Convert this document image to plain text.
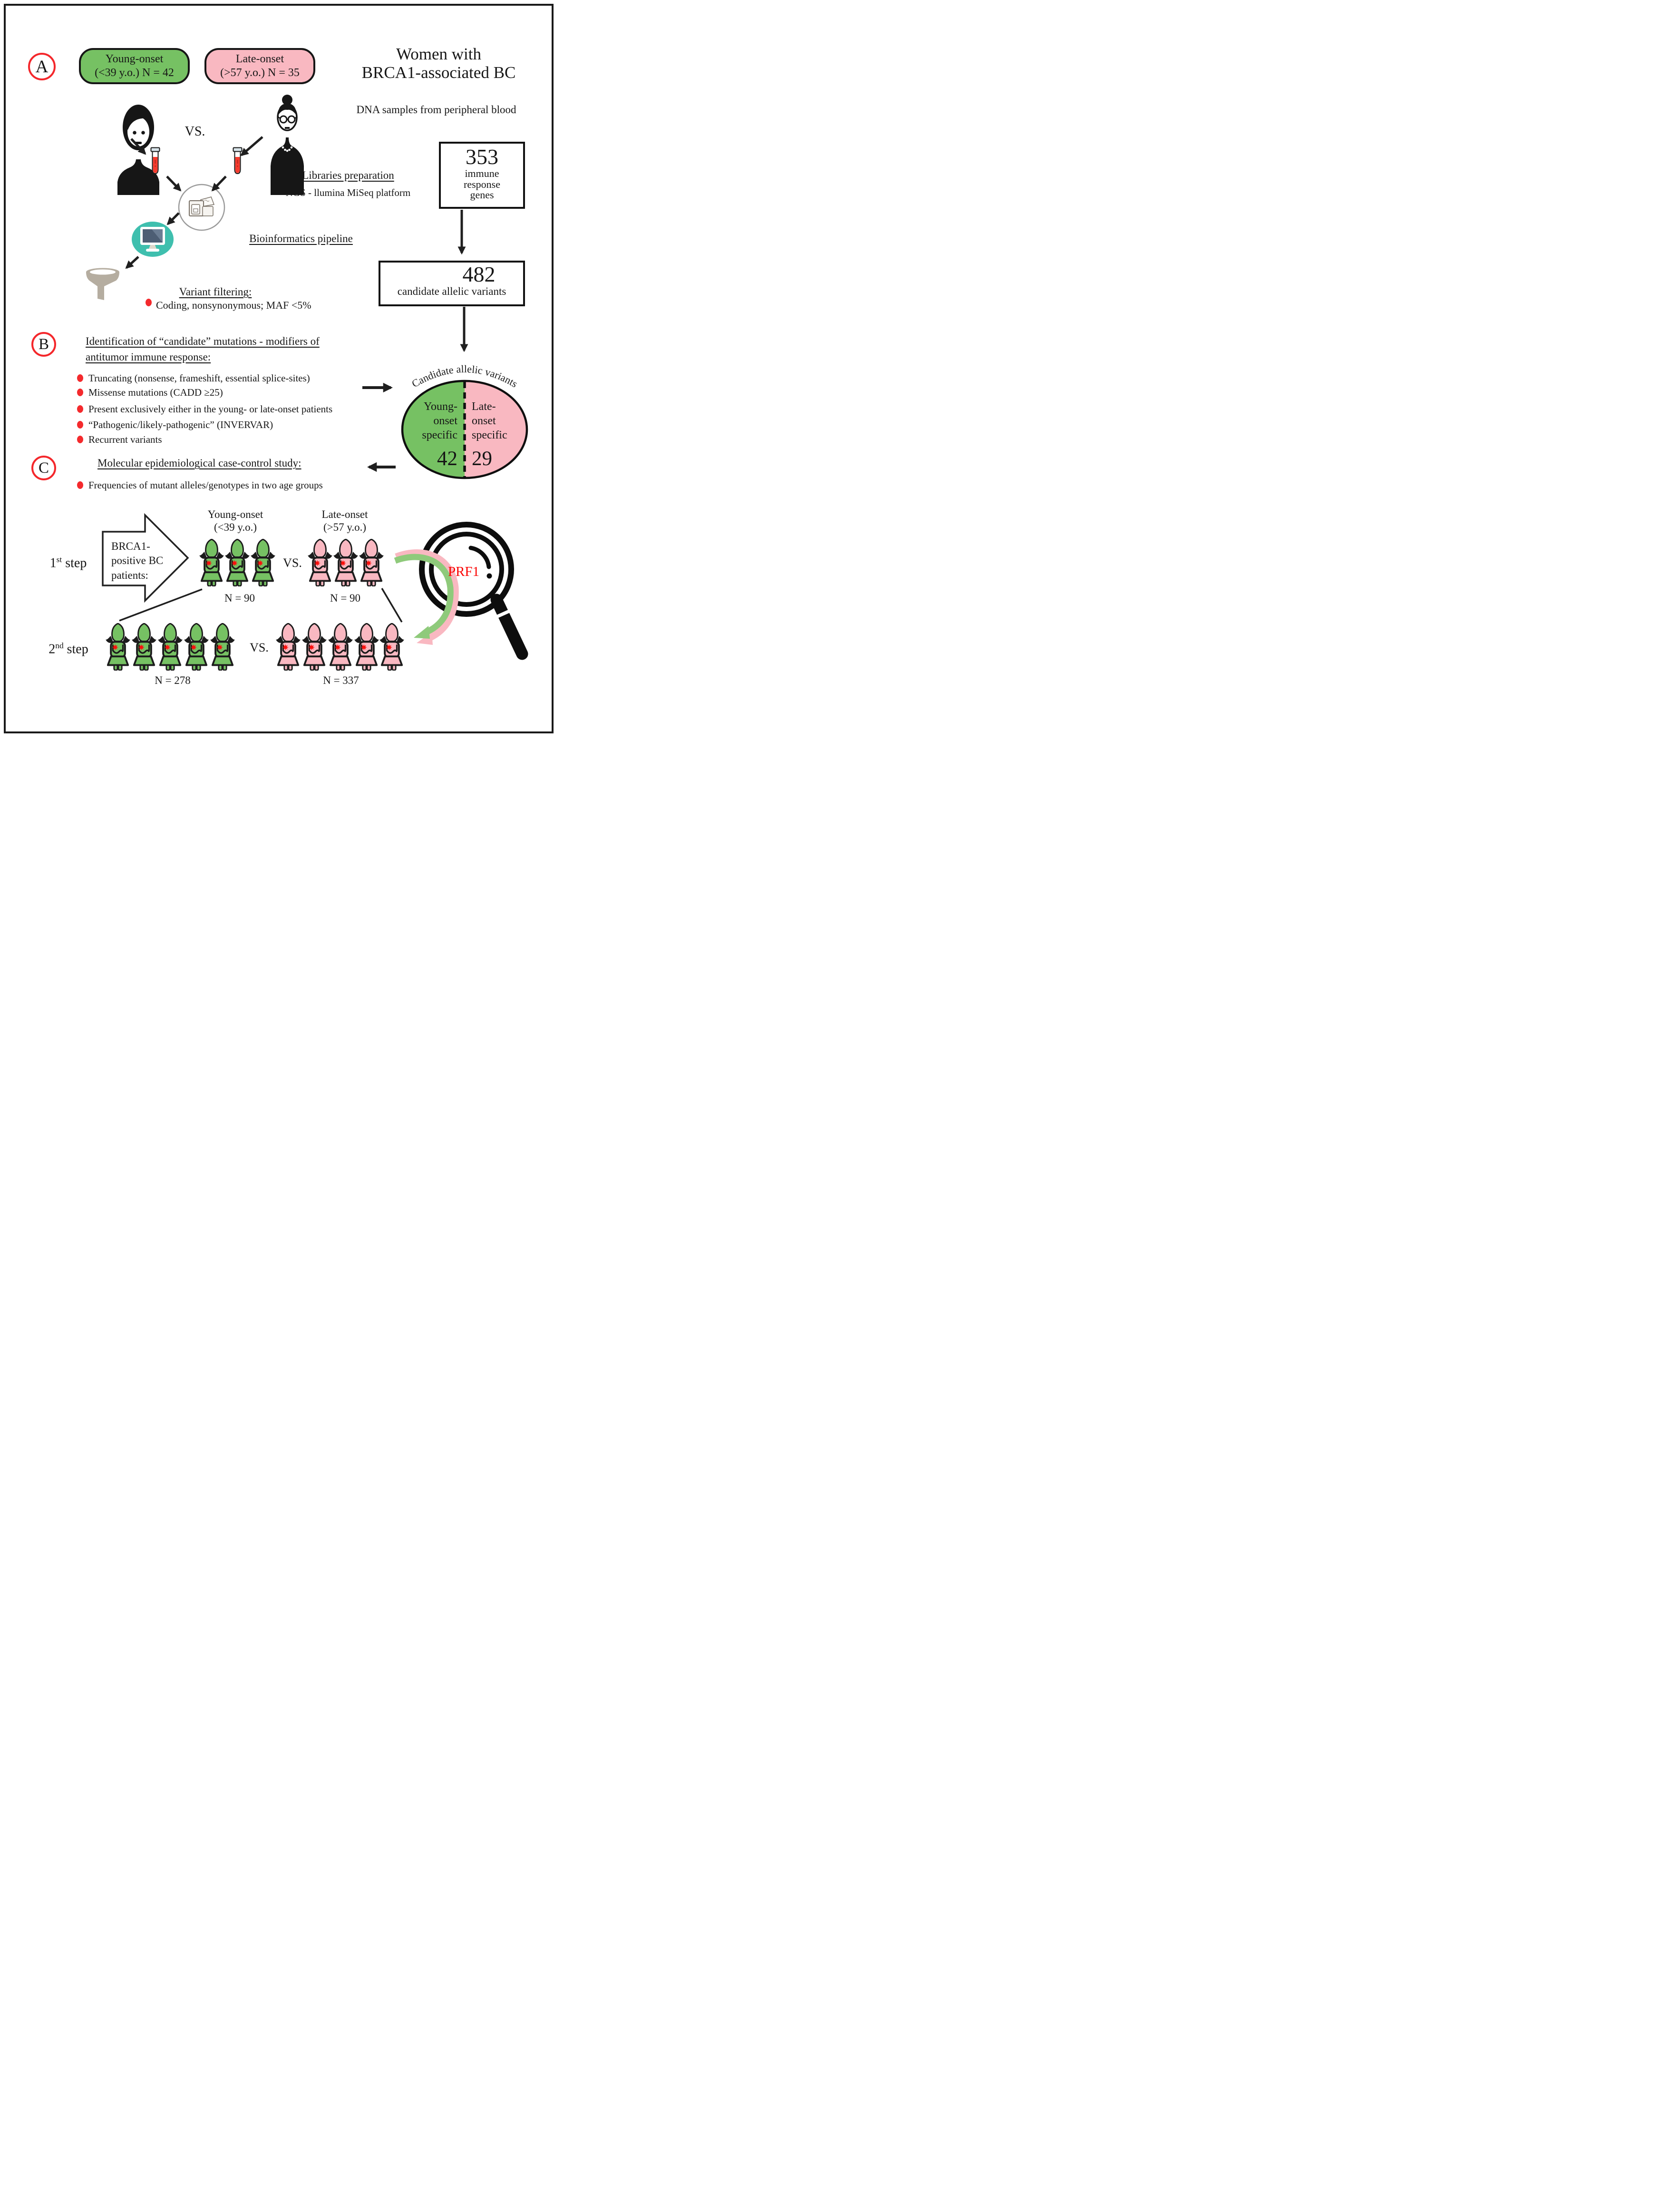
Candidate allelic variants
A	Young-onset
(<39 y.o.) N = 42
Late-onset
(>57 y.o.) N = 35
Women with
BRCA1-associated BC
DNA samples from peripheral blood
VS.
Libraries preparation
NGS - llumina MiSeq platform
Bioinformatics pipeline
Variant filtering:
Coding, nonsynonymous; MAF <5%
353
immune
response
genes
482
candidate allelic variants
B	Identification of “candidate” mutations - modifiers of
antitumor immune response:
Truncating (nonsense, frameshift, essential splice-sites)
Missense mutations (CADD ≥25)
Present exclusively either in the young- or late-onset patients
“Pathogenic/likely-pathogenic” (INVERVAR)
Recurrent variants
Young-
onset
specific
Late-
onset
specific
42 29
C	Molecular epidemiological case-control study:
Frequencies of mutant alleles/genotypes in two age groups
1st step
BRCA1-
positive BC
patients:
Young-onset
(<39 y.o.)
Late-onset
(>57 y.o.)
VS.
N = 90	N = 90
2nd step	VS.
N = 278	N = 337
PRF1
